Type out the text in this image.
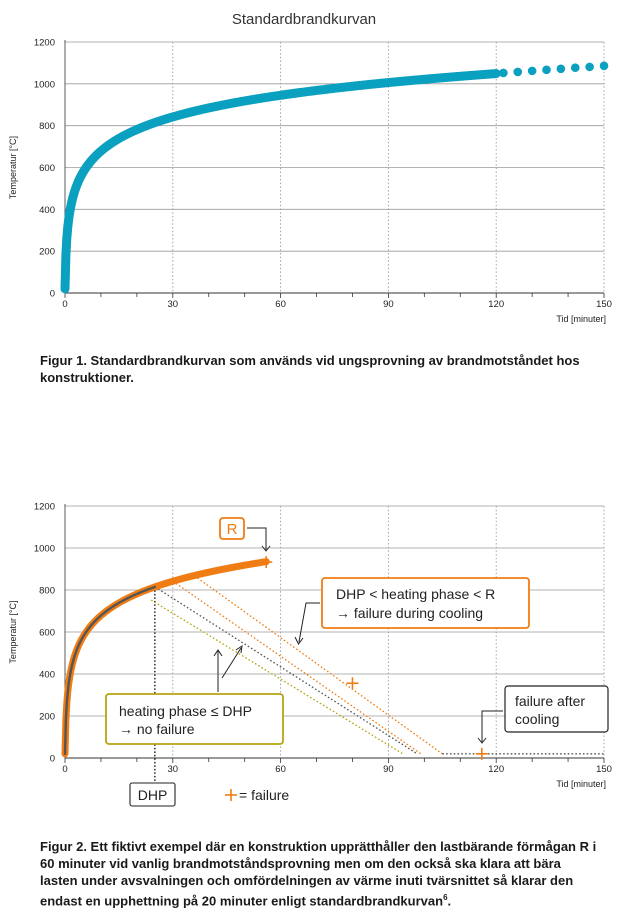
Standardbrandkurvan
0
200
400
600
800
1000
1200
0	30	60	90	120	150
Tid [minuter]
Temperatur [°C]
0
200
400
600
800
1000
1200
0	30	60	90	120	150
Tid [minuter]
Temperatur [°C]
R
DHP < heating phase < R
→ failure during cooling
failure after
cooling
heating phase ≤ DHP
→ no failure
DHP	= failure
Figur 1. Standardbrandkurvan som används vid ungsprovning av brandmotståndet hos konstruktioner.
Figur 2. Ett fiktivt exempel där en konstruktion upprätthåller den lastbärande förmågan R i 60 minuter vid vanlig brandmotståndsprovning men om den också ska klara att bära lasten under avsvalningen och omfördelningen av värme inuti tvärsnittet så klarar den endast en upphettning på 20 minuter enligt standardbrandkurvan$^6$.
